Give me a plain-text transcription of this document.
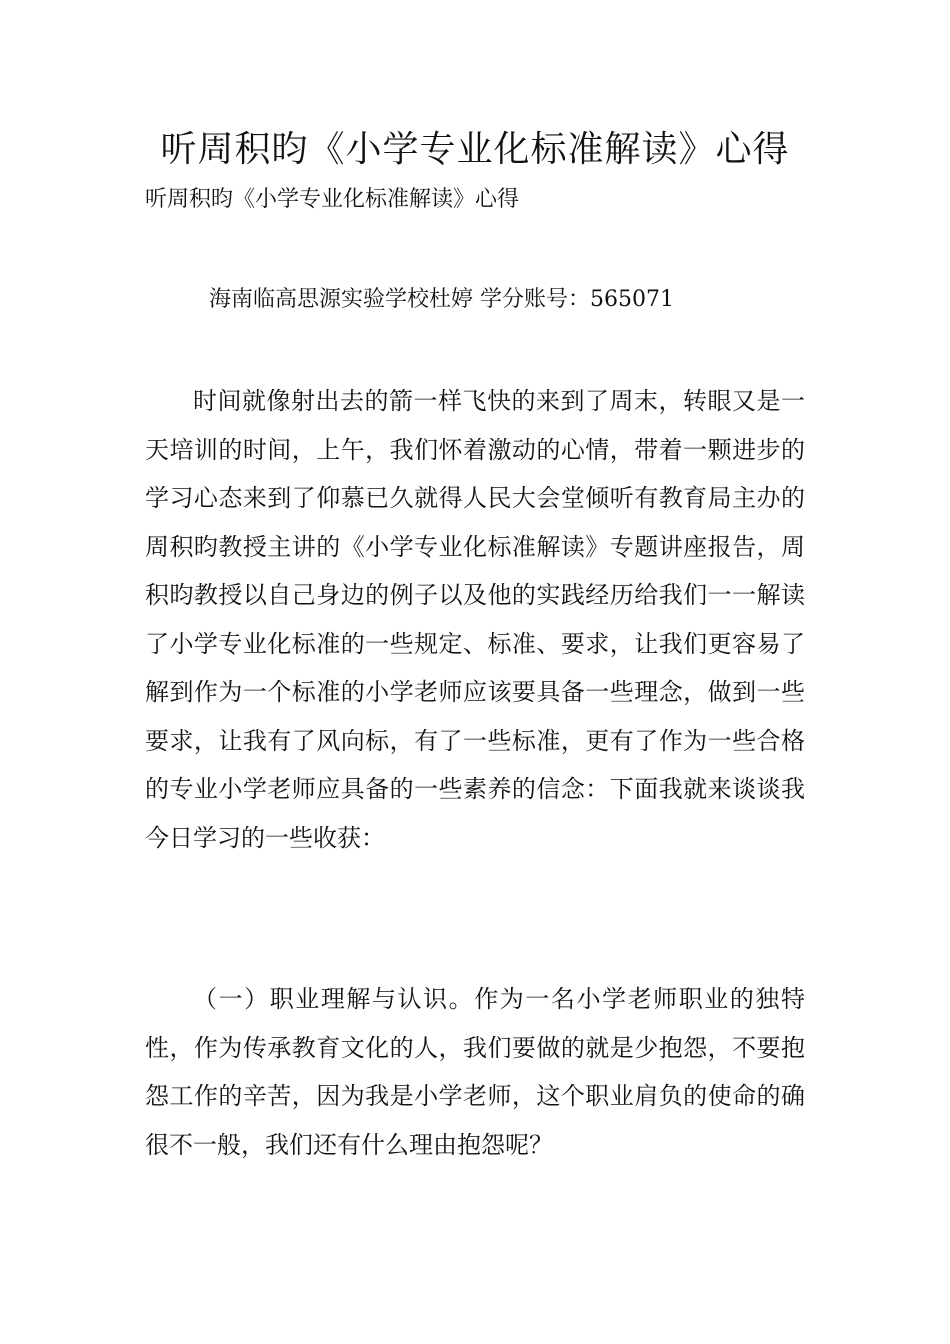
听周积昀《小学专业化标准解读》心得
听周积昀《小学专业化标准解读》心得
海南临高思源实验学校杜婷 学分账号：565071

时间就像射出去的箭一样飞快的来到了周末，转眼又是一天培训的时间，上午，我们怀着激动的心情，带着一颗进步的学习心态来到了仰慕已久就得人民大会堂倾听有教育局主办的周积昀教授主讲的《小学专业化标准解读》专题讲座报告，周积昀教授以自己身边的例子以及他的实践经历给我们一一解读了小学专业化标准的一些规定、标准、要求，让我们更容易了解到作为一个标准的小学老师应该要具备一些理念，做到一些要求，让我有了风向标，有了一些标准，更有了作为一些合格的专业小学老师应具备的一些素养的信念：下面我就来谈谈我今日学习的一些收获：

（一）职业理解与认识。作为一名小学老师职业的独特性，作为传承教育文化的人，我们要做的就是少抱怨，不要抱怨工作的辛苦，因为我是小学老师，这个职业肩负的使命的确很不一般，我们还有什么理由抱怨呢？
